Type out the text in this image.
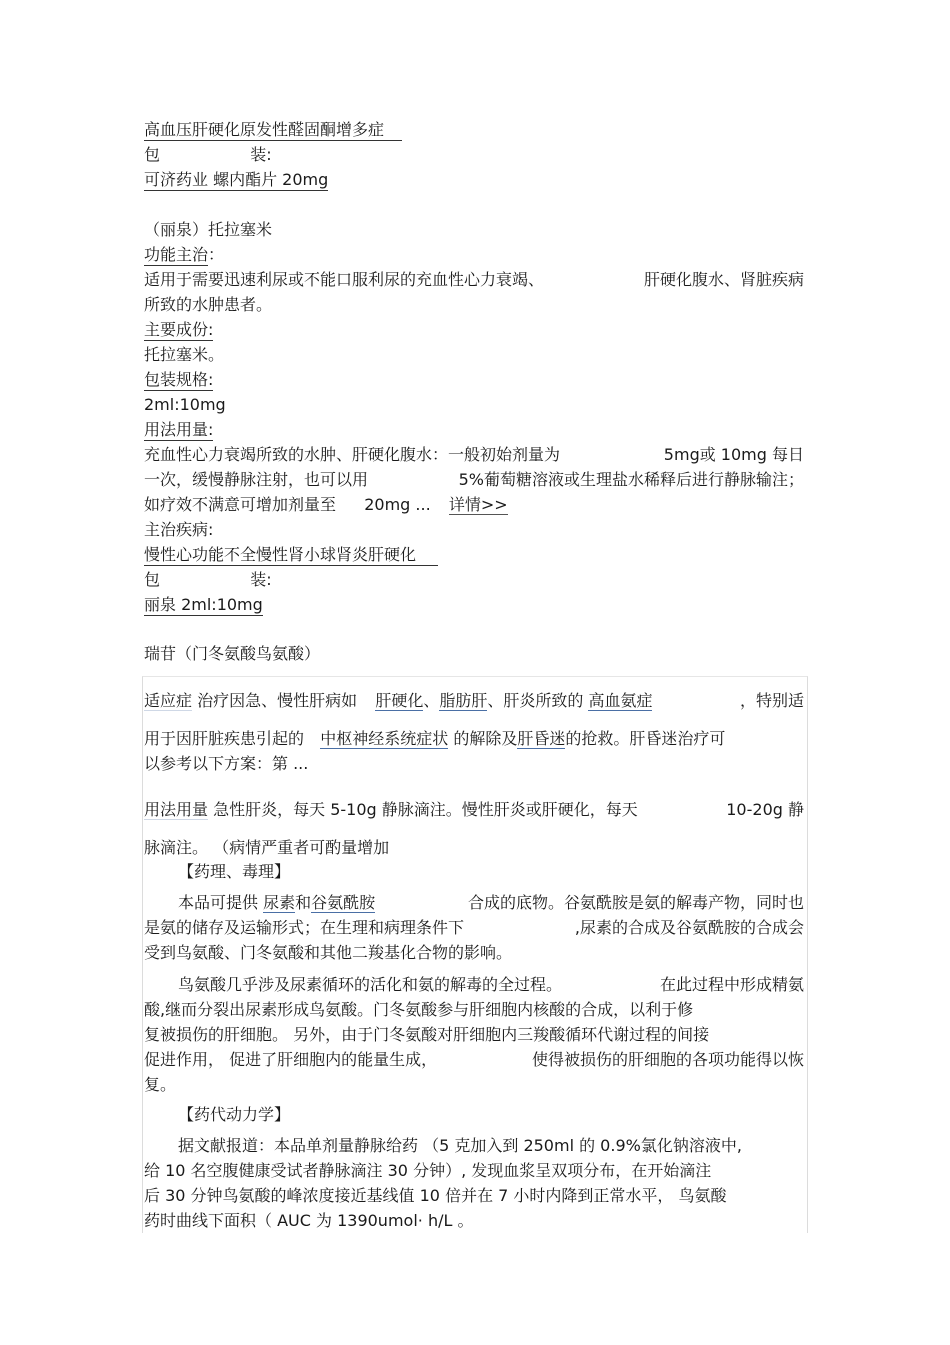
高血压肝硬化原发性醛固酮增多症
包	装:
可济药业 螺内酯片 20mg
（丽泉）托拉塞米
功能主治：
适用于需要迅速利尿或不能口服利尿的充血性心力衰竭、	肝硬化腹水、肾脏疾病
所致的水肿患者。
主要成份:
托拉塞米。
包装规格:
2ml:10mg
用法用量:
充血性心力衰竭所致的水肿、肝硬化腹水：一般初始剂量为	5mg或 10mg 每日
一次，缓慢静脉注射，也可以用	5%葡萄糖溶液或生理盐水稀释后进行静脉输注；
如疗效不满意可增加剂量至 20mg ... 详情>>
主治疾病:
慢性心功能不全慢性肾小球肾炎肝硬化
包	装:
丽泉 2ml:10mg
瑞苷（门冬氨酸鸟氨酸）
适应症 治疗因急、慢性肝病如 肝硬化、脂肪肝、肝炎所致的 高血氨症	，特别适
用于因肝脏疾患引起的 中枢神经系统症状 的解除及肝昏迷的抢救。肝昏迷治疗可
以参考以下方案：第 ...
用法用量 急性肝炎，每天 5-10g 静脉滴注。慢性肝炎或肝硬化，每天	10-20g 静
脉滴注。 （病情严重者可酌量增加
【药理、毒理】
本品可提供 尿素和谷氨酰胺	合成的底物。谷氨酰胺是氨的解毒产物，同时也
是氨的储存及运输形式；在生理和病理条件下	,尿素的合成及谷氨酰胺的合成会
受到鸟氨酸、门冬氨酸和其他二羧基化合物的影响。
鸟氨酸几乎涉及尿素循环的活化和氨的解毒的全过程。	在此过程中形成精氨
酸,继而分裂出尿素形成鸟氨酸。门冬氨酸参与肝细胞内核酸的合成，以利于修
复被损伤的肝细胞。 另外，由于门冬氨酸对肝细胞内三羧酸循环代谢过程的间接
促进作用， 促进了肝细胞内的能量生成，	使得被损伤的肝细胞的各项功能得以恢
复。
【药代动力学】
据文献报道：本品单剂量静脉给药 （5 克加入到 250ml 的 0.9%氯化钠溶液中,
给 10 名空腹健康受试者静脉滴注 30 分钟）, 发现血浆呈双项分布，在开始滴注
后 30 分钟鸟氨酸的峰浓度接近基线值 10 倍并在 7 小时内降到正常水平， 鸟氨酸
药时曲线下面积（ AUC 为 1390umol· h/L 。
